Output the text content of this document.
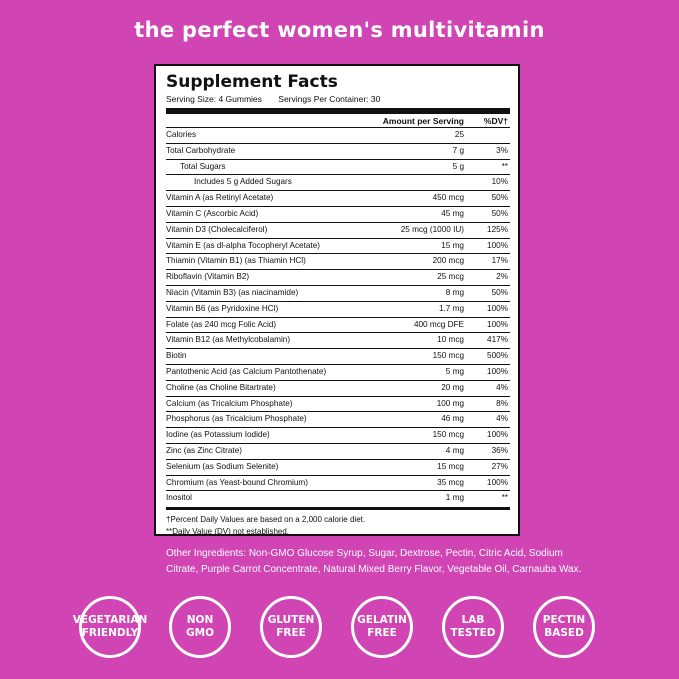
the perfect women's multivitamin
Supplement Facts
Serving Size: 4 Gummies Servings Per Container: 30
Amount per Serving	%DV†
Calories	25
Total Carbohydrate	7 g	3%
Total Sugars	5 g	**
Includes 5 g Added Sugars	10%
Vitamin A (as Retinyl Acetate)	450 mcg	50%
Vitamin C (Ascorbic Acid)	45 mg	50%
Vitamin D3 (Cholecalciferol)	25 mcg (1000 IU)	125%
Vitamin E (as dl-alpha Tocopheryl Acetate)	15 mg	100%
Thiamin (Vitamin B1) (as Thiamin HCl)	200 mcg	17%
Riboflavin (Vitamin B2)	25 mcg	2%
Niacin (Vitamin B3) (as niacinamide)	8 mg	50%
Vitamin B6 (as Pyridoxine HCl)	1.7 mg	100%
Folate (as 240 mcg Folic Acid)	400 mcg DFE	100%
Vitamin B12 (as Methylcobalamin)	10 mcg	417%
Biotin	150 mcg	500%
Pantothenic Acid (as Calcium Pantothenate)	5 mg	100%
Choline (as Choline Bitartrate)	20 mg	4%
Calcium (as Tricalcium Phosphate)	100 mg	8%
Phosphorus (as Tricalcium Phosphate)	46 mg	4%
Iodine (as Potassium Iodide)	150 mcg	100%
Zinc (as Zinc Citrate)	4 mg	36%
Selenium (as Sodium Selenite)	15 mcg	27%
Chromium (as Yeast-bound Chromium)	35 mcg	100%
Inositol	1 mg	**
†Percent Daily Values are based on a 2,000 calorie diet.
**Daily Value (DV) not established.
Other Ingredients: Non-GMO Glucose Syrup, Sugar, Dextrose, Pectin, Citric Acid, Sodium Citrate, Purple Carrot Concentrate, Natural Mixed Berry Flavor, Vegetable Oil, Carnauba Wax.
VEGETARIAN
FRIENDLY
NON
GMO
GLUTEN
FREE
GELATIN
FREE
LAB
TESTED
PECTIN
BASED
